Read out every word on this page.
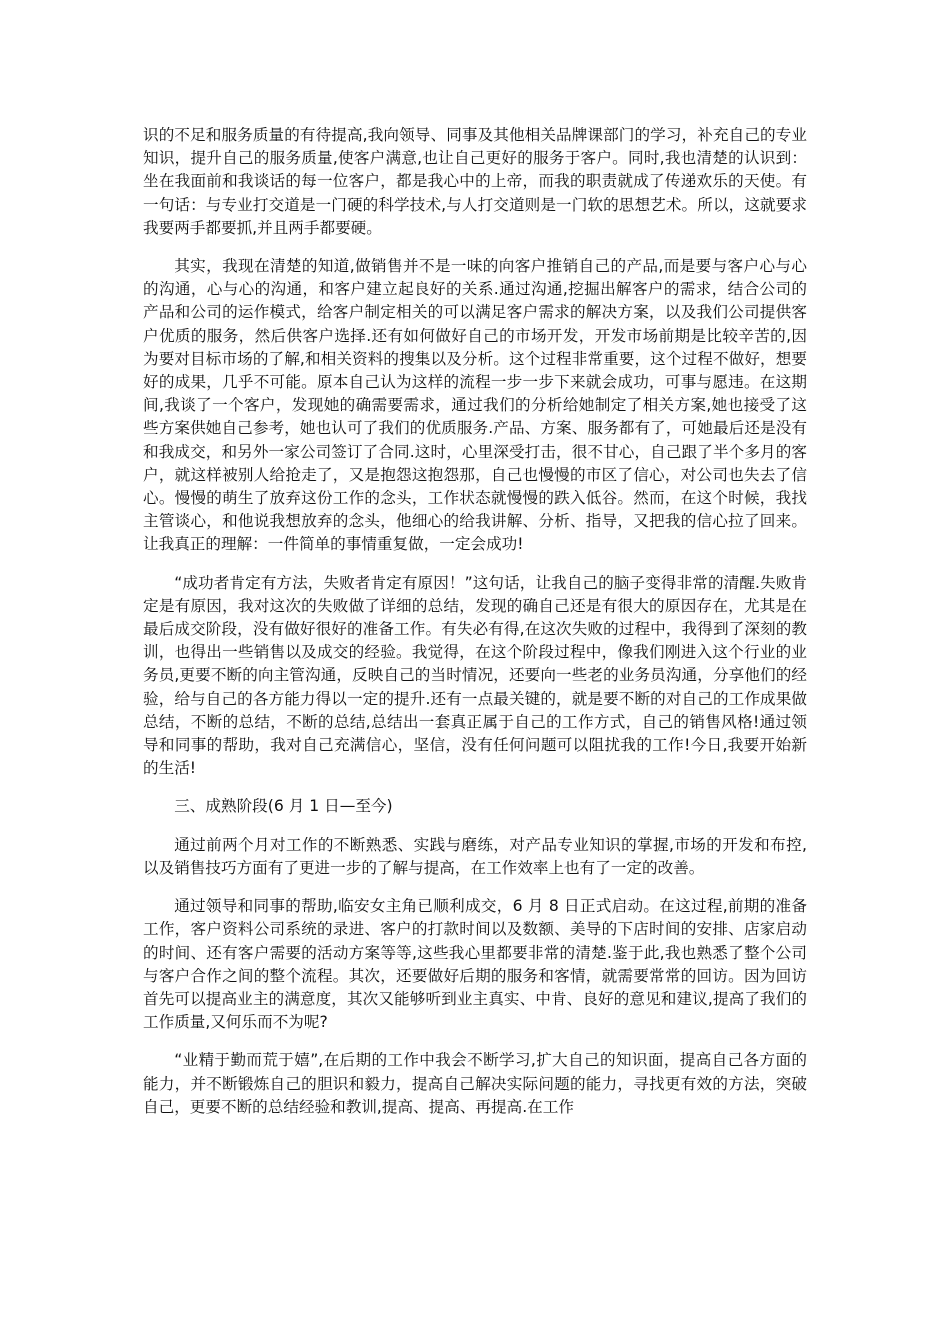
识的不足和服务质量的有待提高,我向领导、同事及其他相关品牌课部门的学习，补充自己的专业知识，提升自己的服务质量,使客户满意,也让自己更好的服务于客户。同时,我也清楚的认识到：坐在我面前和我谈话的每一位客户，都是我心中的上帝，而我的职责就成了传递欢乐的天使。有一句话：与专业打交道是一门硬的科学技术,与人打交道则是一门软的思想艺术。所以，这就要求我要两手都要抓,并且两手都要硬。

其实，我现在清楚的知道,做销售并不是一味的向客户推销自己的产品,而是要与客户心与心的沟通，心与心的沟通，和客户建立起良好的关系.通过沟通,挖掘出解客户的需求，结合公司的产品和公司的运作模式，给客户制定相关的可以满足客户需求的解决方案，以及我们公司提供客户优质的服务，然后供客户选择.还有如何做好自己的市场开发，开发市场前期是比较辛苦的,因为要对目标市场的了解,和相关资料的搜集以及分析。这个过程非常重要，这个过程不做好，想要好的成果，几乎不可能。原本自己认为这样的流程一步一步下来就会成功，可事与愿违。在这期间,我谈了一个客户，发现她的确需要需求，通过我们的分析给她制定了相关方案,她也接受了这些方案供她自己参考，她也认可了我们的优质服务.产品、方案、服务都有了，可她最后还是没有和我成交，和另外一家公司签订了合同.这时，心里深受打击，很不甘心，自己跟了半个多月的客户，就这样被别人给抢走了，又是抱怨这抱怨那，自己也慢慢的市区了信心，对公司也失去了信心。慢慢的萌生了放弃这份工作的念头，工作状态就慢慢的跌入低谷。然而，在这个时候，我找主管谈心，和他说我想放弃的念头，他细心的给我讲解、分析、指导，又把我的信心拉了回来。让我真正的理解：一件简单的事情重复做，一定会成功!

“成功者肯定有方法，失败者肯定有原因！”这句话，让我自己的脑子变得非常的清醒.失败肯定是有原因，我对这次的失败做了详细的总结，发现的确自己还是有很大的原因存在，尤其是在最后成交阶段，没有做好很好的准备工作。有失必有得,在这次失败的过程中，我得到了深刻的教训，也得出一些销售以及成交的经验。我觉得，在这个阶段过程中，像我们刚进入这个行业的业务员,更要不断的向主管沟通，反映自己的当时情况，还要向一些老的业务员沟通，分享他们的经验，给与自己的各方能力得以一定的提升.还有一点最关键的，就是要不断的对自己的工作成果做总结，不断的总结，不断的总结,总结出一套真正属于自己的工作方式，自己的销售风格!通过领导和同事的帮助，我对自己充满信心，坚信，没有任何问题可以阻扰我的工作!今日,我要开始新的生活!

三、成熟阶段(6 月 1 日—至今)

通过前两个月对工作的不断熟悉、实践与磨练，对产品专业知识的掌握,市场的开发和布控,以及销售技巧方面有了更进一步的了解与提高，在工作效率上也有了一定的改善。

通过领导和同事的帮助,临安女主角已顺利成交，6 月 8 日正式启动。在这过程,前期的准备工作，客户资料公司系统的录进、客户的打款时间以及数额、美导的下店时间的安排、店家启动的时间、还有客户需要的活动方案等等,这些我心里都要非常的清楚.鉴于此,我也熟悉了整个公司与客户合作之间的整个流程。其次，还要做好后期的服务和客情，就需要常常的回访。因为回访首先可以提高业主的满意度，其次又能够听到业主真实、中肯、良好的意见和建议,提高了我们的工作质量,又何乐而不为呢?

“业精于勤而荒于嬉”,在后期的工作中我会不断学习,扩大自己的知识面，提高自己各方面的能力，并不断锻炼自己的胆识和毅力，提高自己解决实际问题的能力，寻找更有效的方法，突破自己，更要不断的总结经验和教训,提高、提高、再提高.在工作
